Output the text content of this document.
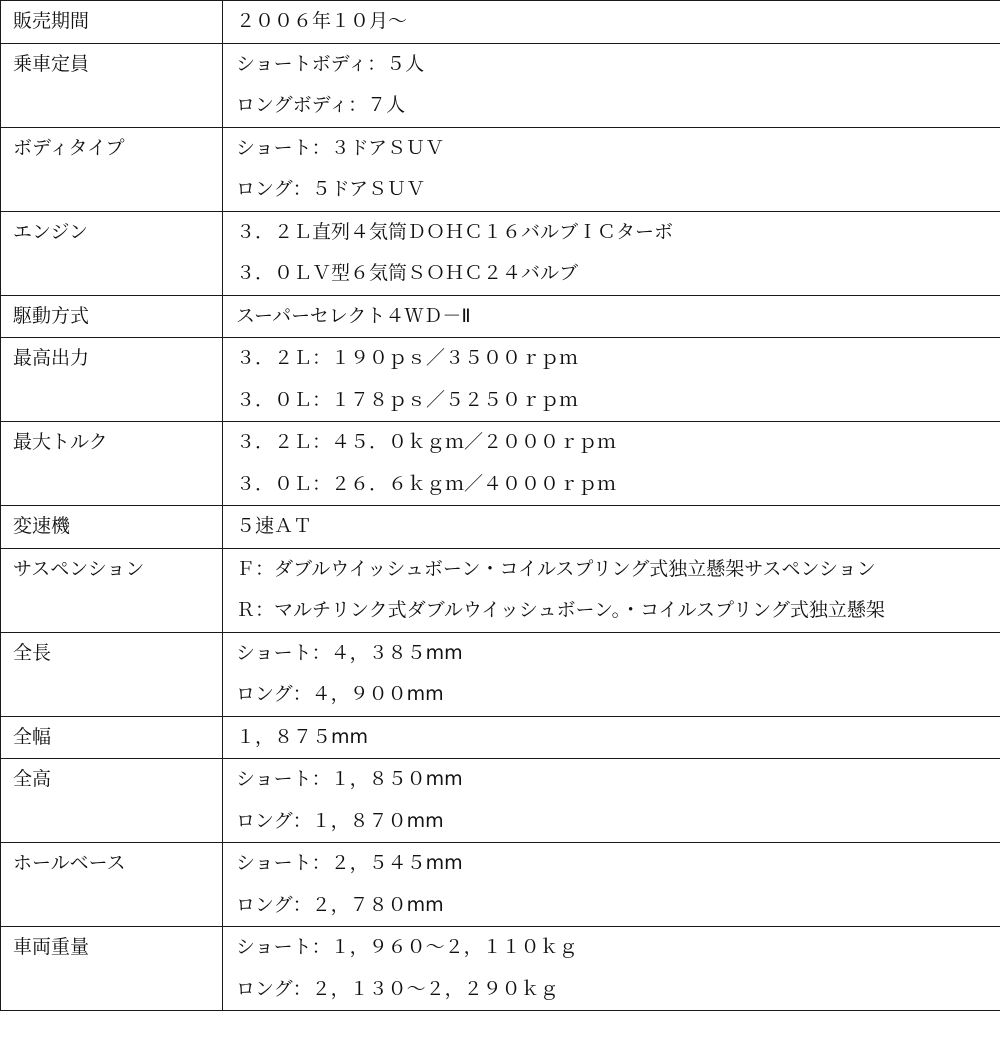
販売期間	２００６年１０月～

乗車定員	ショートボディ：５人
ロングボディ：７人

ボディタイプ	ショート：３ドアＳＵＶ
ロング：５ドアＳＵＶ

エンジン	３．２Ｌ直列４気筒ＤＯＨＣ１６バルブＩＣターボ
３．０ＬＶ型６気筒ＳＯＨＣ２４バルブ

駆動方式	スーパーセレクト４ＷＤ－Ⅱ

最高出力	３．２Ｌ：１９０ｐｓ／３５００ｒｐｍ
３．０Ｌ：１７８ｐｓ／５２５０ｒｐｍ

最大トルク	３．２Ｌ：４５．０ｋｇｍ／２０００ｒｐｍ
３．０Ｌ：２６．６ｋｇｍ／４０００ｒｐｍ

変速機	５速ＡＴ

サスペンション	Ｆ：ダブルウイッシュボーン・コイルスプリング式独立懸架サスペンション
Ｒ：マルチリンク式ダブルウイッシュボーン。・コイルスプリング式独立懸架

全長	ショート：４，３８５mm
ロング：４，９００mm

全幅	１，８７５mm

全高	ショート：１，８５０mm
ロング：１，８７０mm

ホールベース	ショート：２，５４５mm
ロング：２，７８０mm

車両重量	ショート：１，９６０～２，１１０ｋｇ
ロング：２，１３０～２，２９０ｋｇ
